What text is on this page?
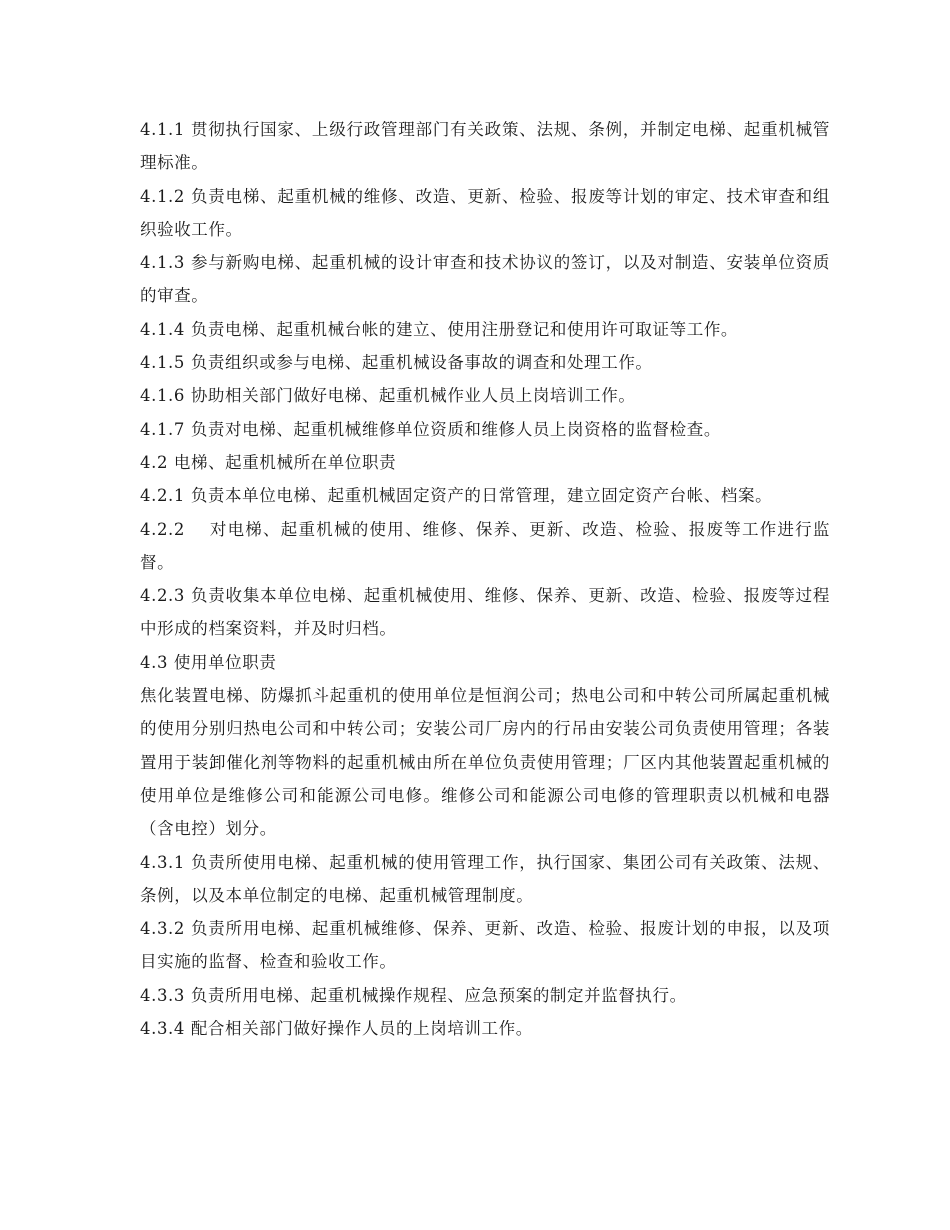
4.1.1 贯彻执行国家、上级行政管理部门有关政策、法规、条例，并制定电梯、起重机械管理标准。

4.1.2 负责电梯、起重机械的维修、改造、更新、检验、报废等计划的审定、技术审查和组织验收工作。

4.1.3 参与新购电梯、起重机械的设计审查和技术协议的签订，以及对制造、安装单位资质的审查。

4.1.4 负责电梯、起重机械台帐的建立、使用注册登记和使用许可取证等工作。

4.1.5 负责组织或参与电梯、起重机械设备事故的调查和处理工作。

4.1.6 协助相关部门做好电梯、起重机械作业人员上岗培训工作。

4.1.7 负责对电梯、起重机械维修单位资质和维修人员上岗资格的监督检查。

4.2 电梯、起重机械所在单位职责

4.2.1 负责本单位电梯、起重机械固定资产的日常管理，建立固定资产台帐、档案。

4.2.2　 对电梯、起重机械的使用、维修、保养、更新、改造、检验、报废等工作进行监督。

4.2.3 负责收集本单位电梯、起重机械使用、维修、保养、更新、改造、检验、报废等过程中形成的档案资料，并及时归档。

4.3 使用单位职责

焦化装置电梯、防爆抓斗起重机的使用单位是恒润公司；热电公司和中转公司所属起重机械的使用分别归热电公司和中转公司；安装公司厂房内的行吊由安装公司负责使用管理；各装置用于装卸催化剂等物料的起重机械由所在单位负责使用管理；厂区内其他装置起重机械的使用单位是维修公司和能源公司电修。维修公司和能源公司电修的管理职责以机械和电器（含电控）划分。

4.3.1 负责所使用电梯、起重机械的使用管理工作，执行国家、集团公司有关政策、法规、条例，以及本单位制定的电梯、起重机械管理制度。

4.3.2 负责所用电梯、起重机械维修、保养、更新、改造、检验、报废计划的申报，以及项目实施的监督、检查和验收工作。

4.3.3 负责所用电梯、起重机械操作规程、应急预案的制定并监督执行。

4.3.4 配合相关部门做好操作人员的上岗培训工作。
